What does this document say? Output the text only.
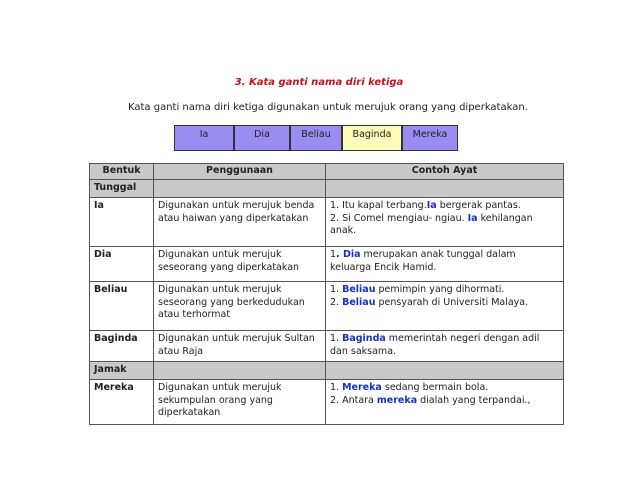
3. Kata ganti nama diri ketiga
Kata ganti nama diri ketiga digunakan untuk merujuk orang yang diperkatakan.
Ia	Dia	Beliau	Baginda	Mereka
Bentuk	Penggunaan	Contoh Ayat
Tunggal		
Ia	Digunakan untuk merujuk benda atau haiwan yang diperkatakan	1. Itu kapal terbang.Ia bergerak pantas.
2. Si Comel mengiau- ngiau. Ia kehilangan anak.

Dia	Digunakan untuk merujuk seseorang yang diperkatakan	1. Dia merupakan anak tunggal dalam keluarga Encik Hamid.

Beliau	Digunakan untuk merujuk seseorang yang berkedudukan atau terhormat	1. Beliau pemimpin yang dihormati.
2. Beliau pensyarah di Universiti Malaya.

Baginda	Digunakan untuk merujuk Sultan atau Raja	1. Baginda memerintah negeri dengan adil dan saksama.

Jamak		
Mereka	Digunakan untuk merujuk sekumpulan orang yang diperkatakan	1. Mereka sedang bermain bola.
2. Antara mereka dialah yang terpandai.,
